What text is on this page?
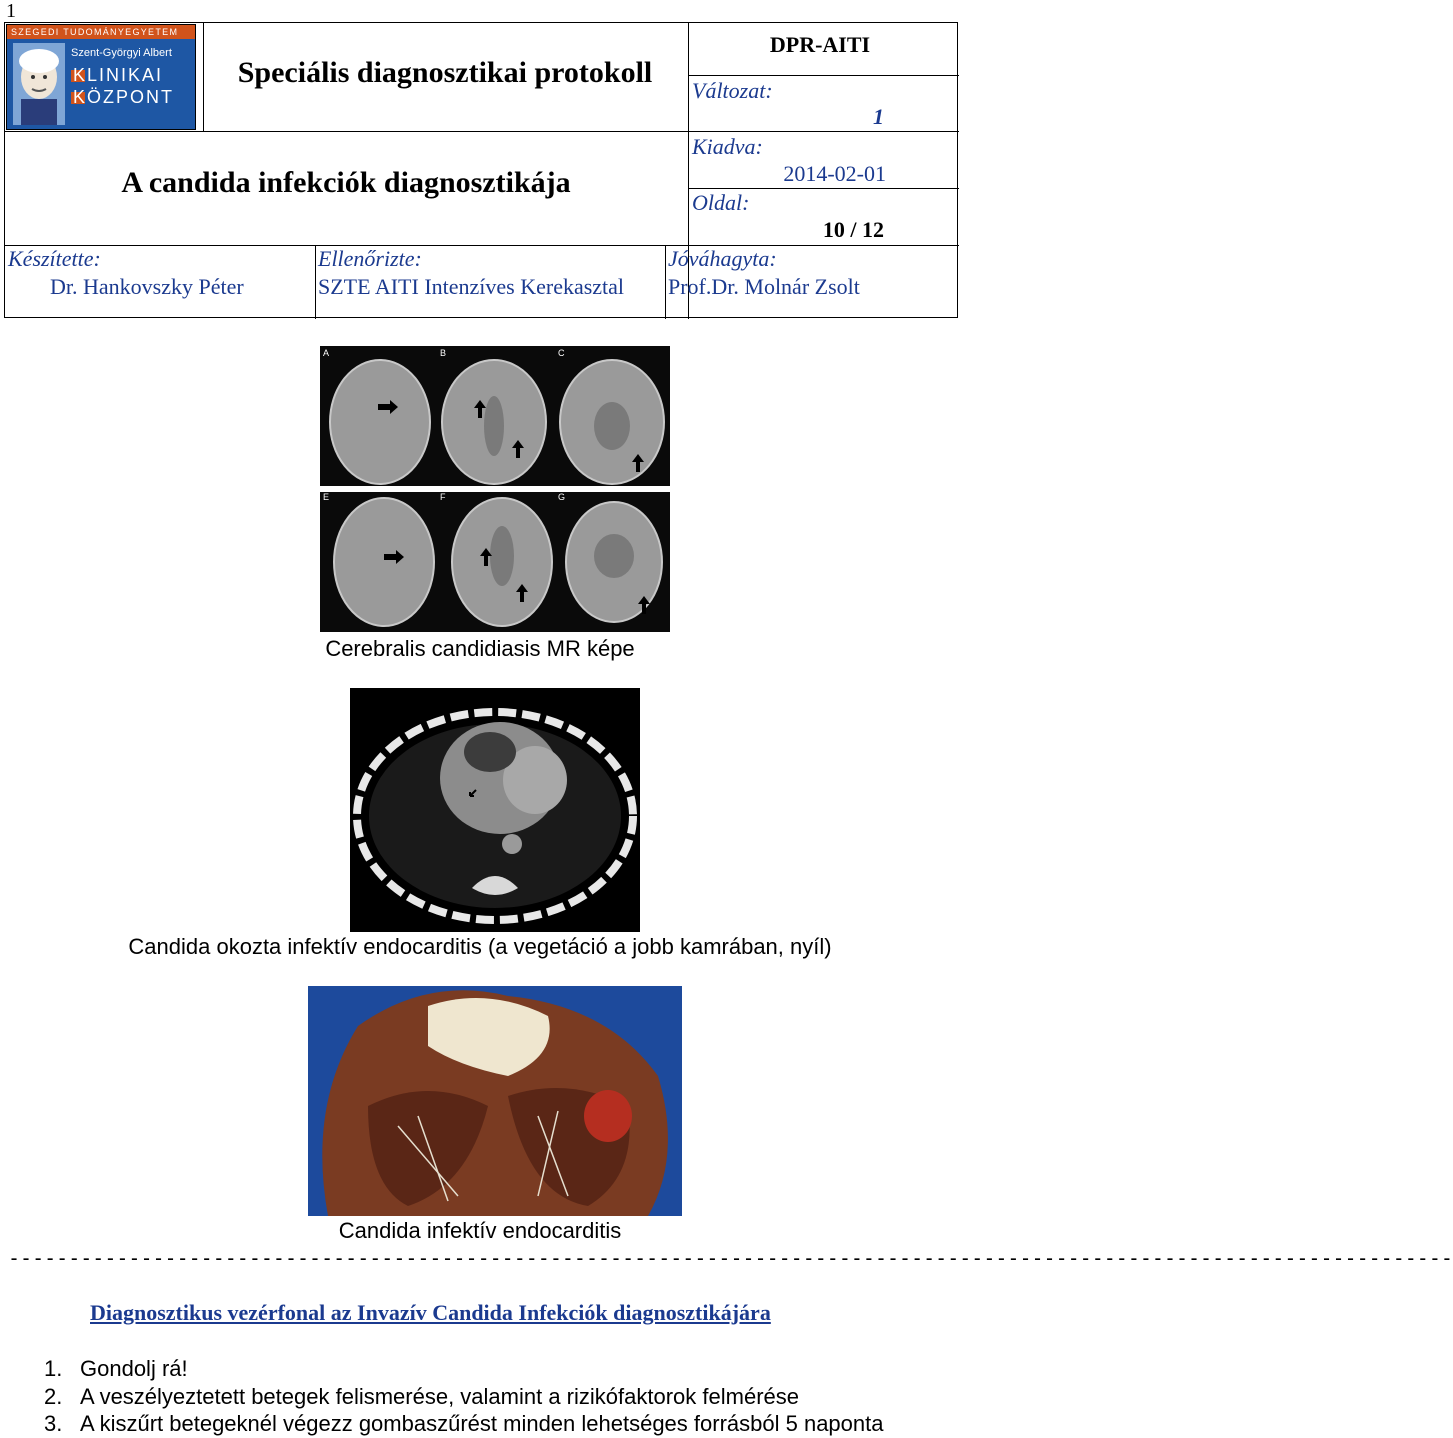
1
SZEGEDI TUDOMÁNYEGYETEM
Szent-Györgyi Albert
KLINIKAI
KÖZPONT
Speciális diagnosztikai protokoll
A candida infekciók diagnosztikája
DPR-AITI
Változat:
1
Kiadva:
2014-02-01
Oldal:
10 / 12
Készítette:
Dr. Hankovszky Péter
Ellenőrizte:
SZTE AITI Intenzíves Kerekasztal
Jóváhagyta:
Prof.Dr. Molnár Zsolt
A	B	C
E	F	G
Cerebralis candidiasis MR képe
Candida okozta infektív endocarditis (a vegetáció a jobb kamrában, nyíl)
Candida infektív endocarditis
------------------------------------------------------------------------------------------------------------------------
Diagnosztikus vezérfonal az Invazív Candida Infekciók diagnosztikájára
1. Gondolj rá!
2. A veszélyeztetett betegek felismerése, valamint a rizikófaktorok felmérése
3. A kiszűrt betegeknél végezz gombaszűrést minden lehetséges forrásból 5 naponta
